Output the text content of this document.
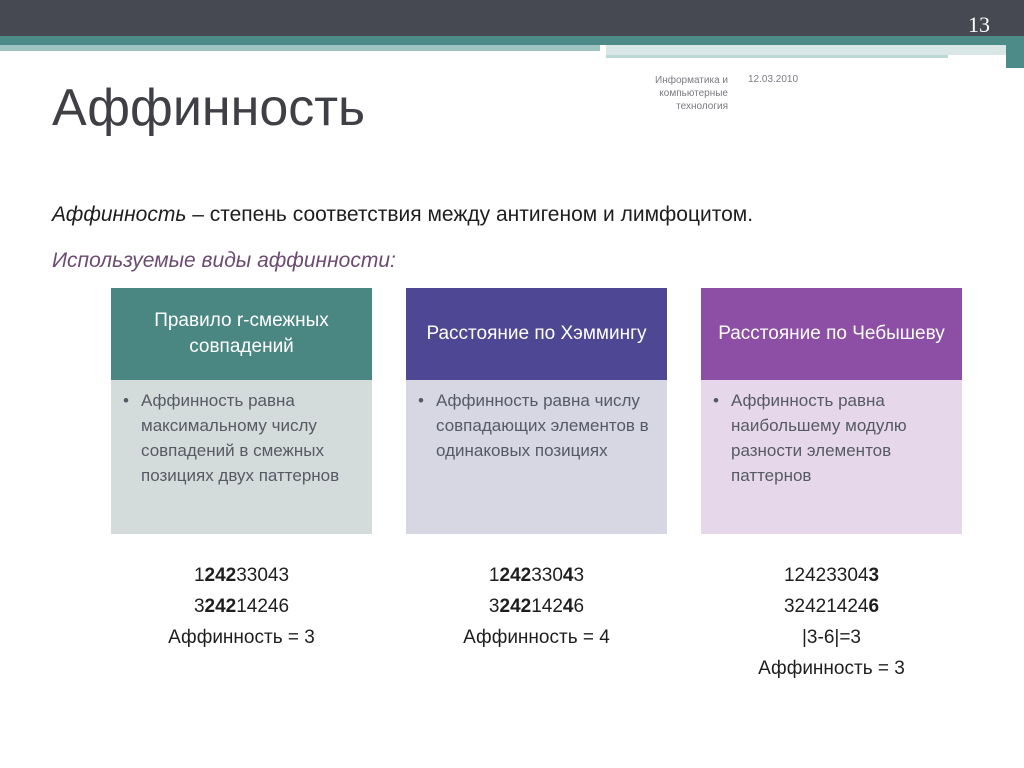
13
Аффинность	Информатика и
компьютерные
технология
12.03.2010
Аффинность – степень соответствия между антигеном и лимфоцитом.
Используемые виды аффинности:
Правило r-смежных совпадений
• Аффинность равна максимальному числу совпадений в смежных позициях двух паттернов
Расстояние по Хэммингу
• Аффинность равна числу совпадающих элементов в одинаковых позициях
Расстояние по Чебышеву
• Аффинность равна наибольшему модулю разности элементов паттернов
124233043
324214246
Аффинность = 3
124233043
324214246
Аффинность = 4
124233043
324214246
|3-6|=3
Аффинность = 3
